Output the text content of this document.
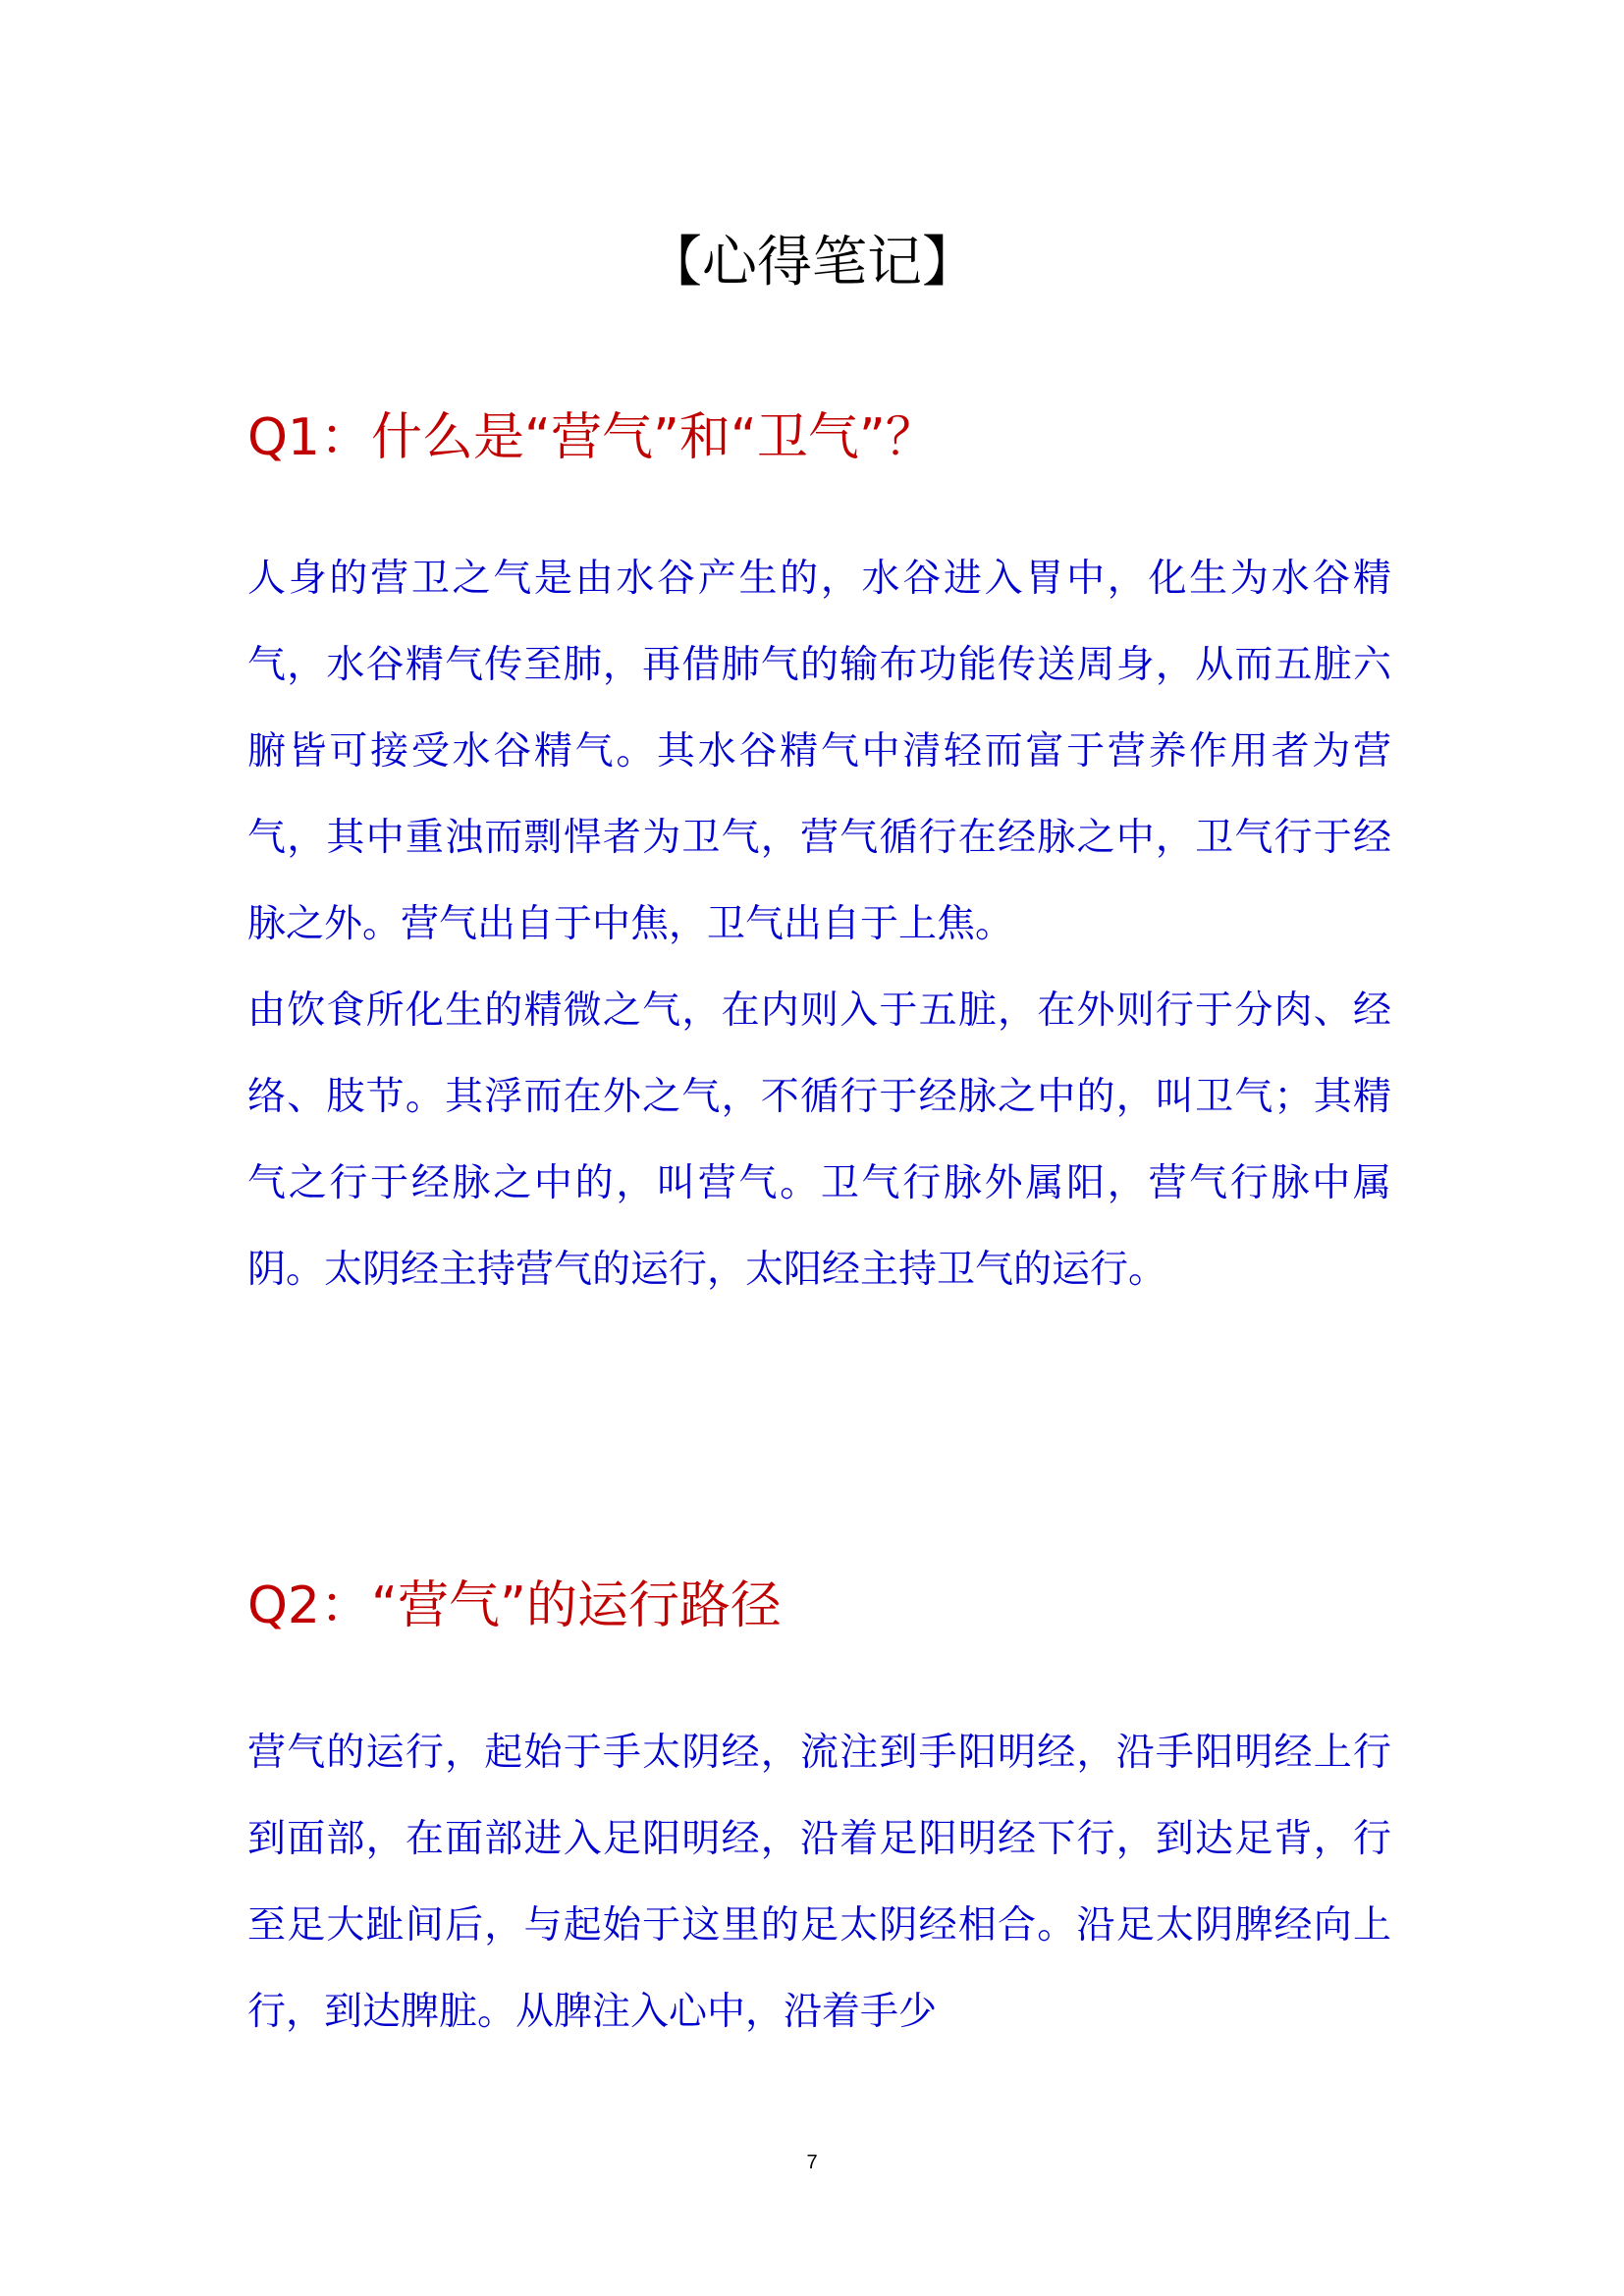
【心得笔记】
Q1：什么是“营气”和“卫气”？

人身的营卫之气是由水谷产生的，水谷进入胃中，化生为水谷精气，水谷精气传至肺，再借肺气的输布功能传送周身，从而五脏六腑皆可接受水谷精气。其水谷精气中清轻而富于营养作用者为营气，其中重浊而剽悍者为卫气，营气循行在经脉之中，卫气行于经脉之外。营气出自于中焦，卫气出自于上焦。

由饮食所化生的精微之气，在内则入于五脏，在外则行于分肉、经络、肢节。其浮而在外之气，不循行于经脉之中的，叫卫气；其精气之行于经脉之中的，叫营气。卫气行脉外属阳，营气行脉中属阴。太阴经主持营气的运行，太阳经主持卫气的运行。

Q2：“营气”的运行路径

营气的运行，起始于手太阴经，流注到手阳明经，沿手阳明经上行到面部，在面部进入足阳明经，沿着足阳明经下行，到达足背，行至足大趾间后，与起始于这里的足太阴经相合。沿足太阴脾经向上行，到达脾脏。从脾注入心中，沿着手少

7
